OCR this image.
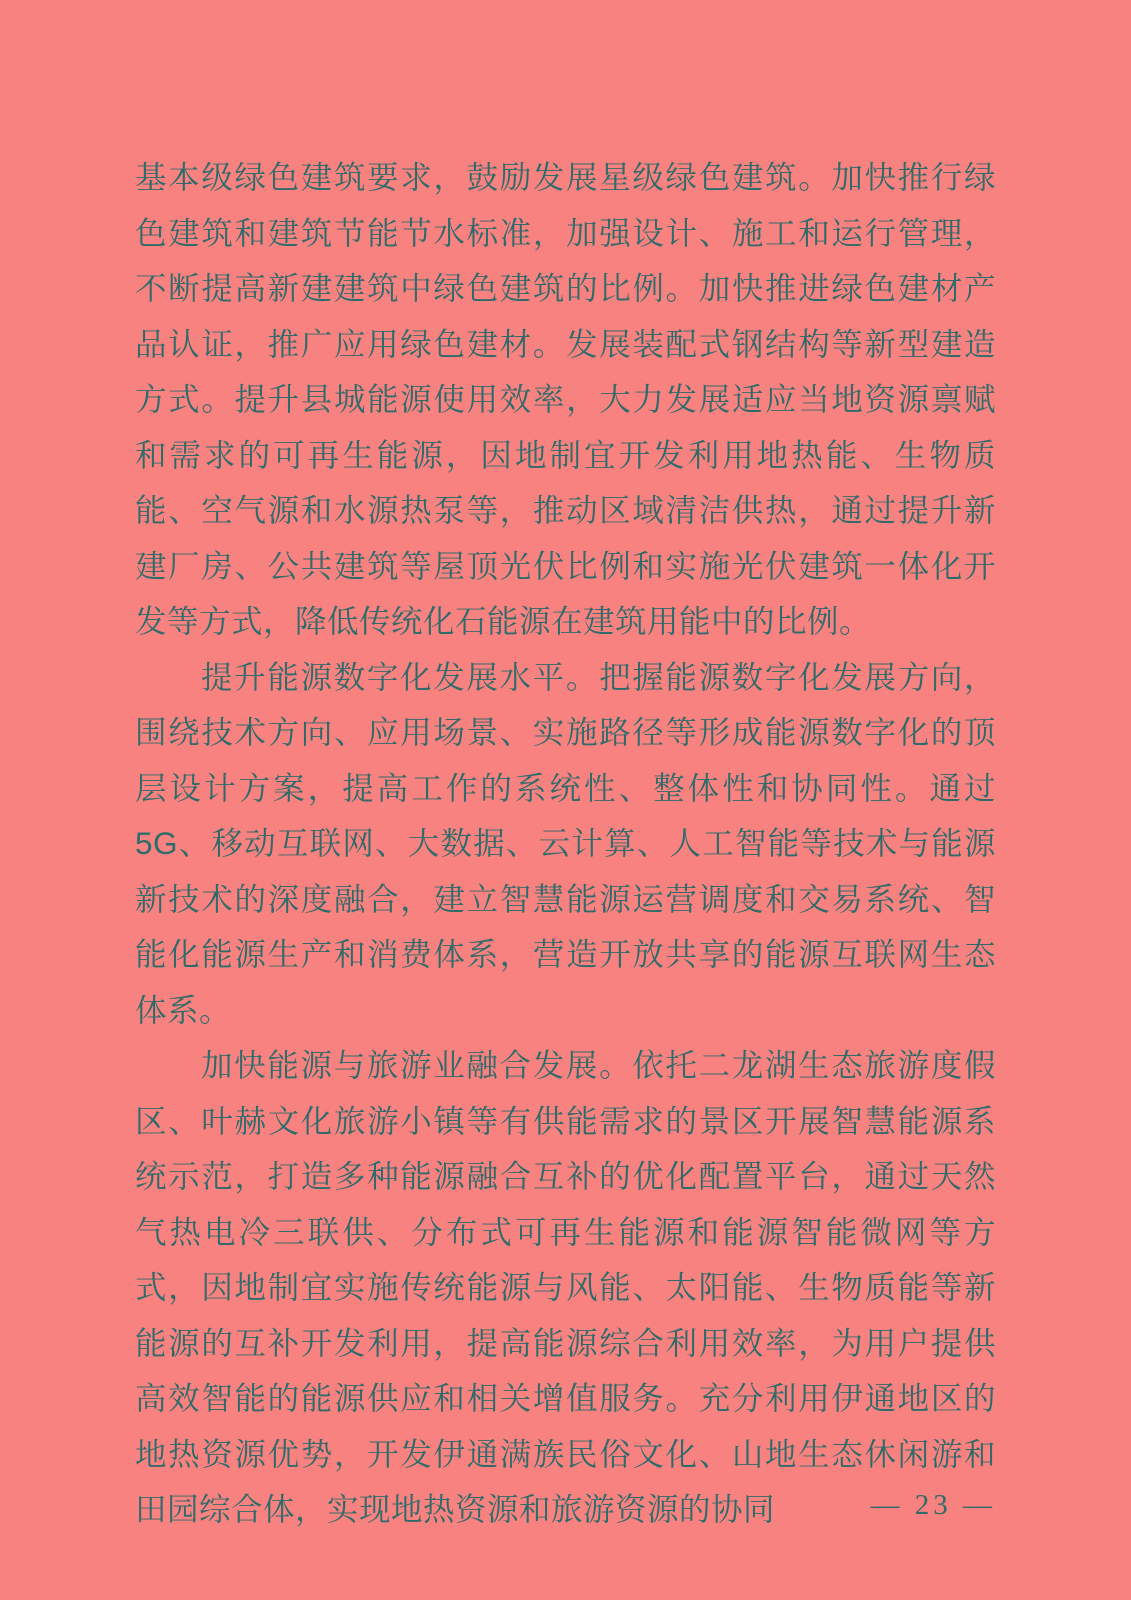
基本级绿色建筑要求，鼓励发展星级绿色建筑。加快推行绿色建筑和建筑节能节水标准，加强设计、施工和运行管理，不断提高新建建筑中绿色建筑的比例。加快推进绿色建材产品认证，推广应用绿色建材。发展装配式钢结构等新型建造方式。提升县城能源使用效率，大力发展适应当地资源禀赋和需求的可再生能源，因地制宜开发利用地热能、生物质能、空气源和水源热泵等，推动区域清洁供热，通过提升新建厂房、公共建筑等屋顶光伏比例和实施光伏建筑一体化开发等方式，降低传统化石能源在建筑用能中的比例。

提升能源数字化发展水平。把握能源数字化发展方向，围绕技术方向、应用场景、实施路径等形成能源数字化的顶层设计方案，提高工作的系统性、整体性和协同性。通过5G、移动互联网、大数据、云计算、人工智能等技术与能源新技术的深度融合，建立智慧能源运营调度和交易系统、智能化能源生产和消费体系，营造开放共享的能源互联网生态体系。

加快能源与旅游业融合发展。依托二龙湖生态旅游度假区、叶赫文化旅游小镇等有供能需求的景区开展智慧能源系统示范，打造多种能源融合互补的优化配置平台，通过天然气热电冷三联供、分布式可再生能源和能源智能微网等方式，因地制宜实施传统能源与风能、太阳能、生物质能等新能源的互补开发利用，提高能源综合利用效率，为用户提供高效智能的能源供应和相关增值服务。充分利用伊通地区的地热资源优势，开发伊通满族民俗文化、山地生态休闲游和田园综合体，实现地热资源和旅游资源的协同	— 23 —
